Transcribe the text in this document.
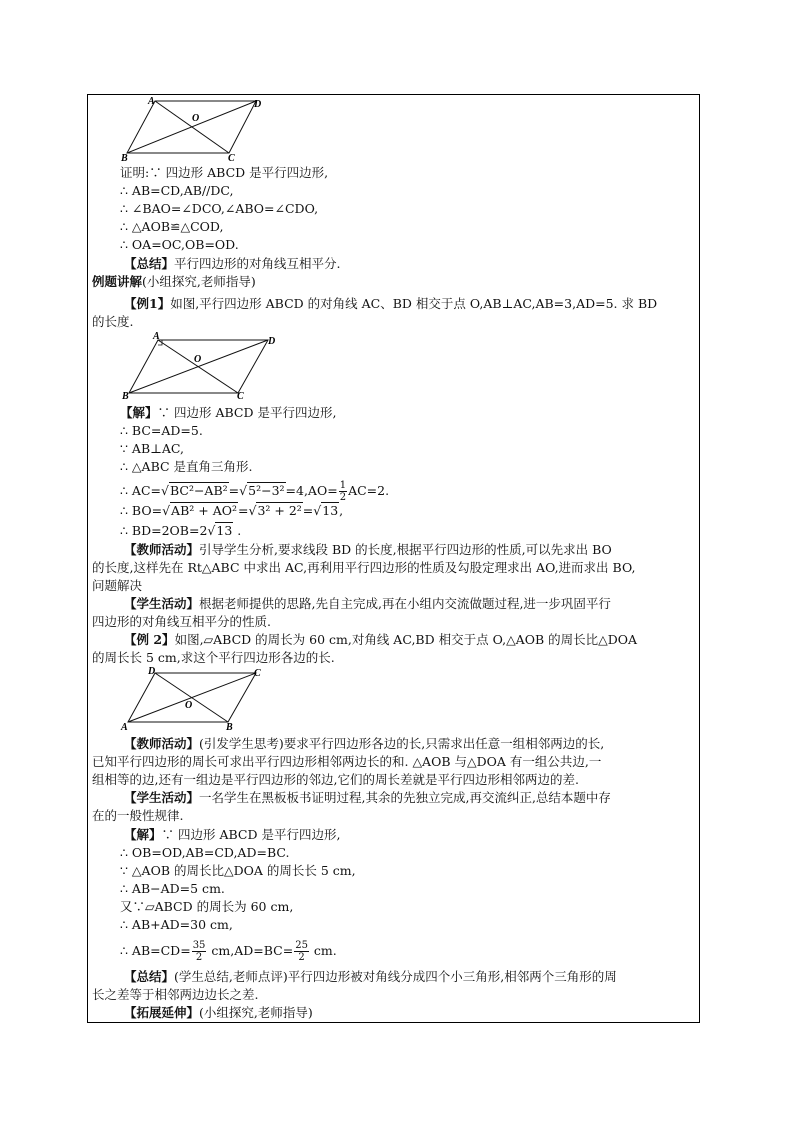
A	D
B	C
O
证明:∵ 四边形 ABCD 是平行四边形,
∴ AB=CD,AB//DC,
∴ ∠BAO=∠DCO,∠ABO=∠CDO,
∴ △AOB≌△COD,
∴ OA=OC,OB=OD.
【总结】平行四边形的对角线互相平分.
例题讲解(小组探究,老师指导)
【例1】如图,平行四边形 ABCD 的对角线 AC、BD 相交于点 O,AB⊥AC,AB=3,AD=5. 求 BD
的长度.
A	D
B	C
O
【解】∵ 四边形 ABCD 是平行四边形,
∴ BC=AD=5.
∵ AB⊥AC,
∴ △ABC 是直角三角形.
∴ $AC=√BC^2-AB^2=√5^2-3^2=4,AO= \frac{1}{2} AC=2$.
∴ BO=√AB² + AO²=√3² + 2²=√13,
∴ BD=2OB=2√13 .
【教师活动】引导学生分析,要求线段 BD 的长度,根据平行四边形的性质,可以先求出 BO
的长度,这样先在 Rt△ABC 中求出 AC,再利用平行四边形的性质及勾股定理求出 AO,进而求出 BO,
问题解决
【学生活动】根据老师提供的思路,先自主完成,再在小组内交流做题过程,进一步巩固平行
四边形的对角线互相平分的性质.
【例 2】如图,▱ABCD 的周长为 60 cm,对角线 AC,BD 相交于点 O,△AOB 的周长比△DOA
的周长长 5 cm,求这个平行四边形各边的长.
D	C
A	B
O
【教师活动】(引发学生思考)要求平行四边形各边的长,只需求出任意一组相邻两边的长,
已知平行四边形的周长可求出平行四边形相邻两边长的和. △AOB 与△DOA 有一组公共边,一
组相等的边,还有一组边是平行四边形的邻边,它们的周长差就是平行四边形相邻两边的差.
【学生活动】一名学生在黑板板书证明过程,其余的先独立完成,再交流纠正,总结本题中存
在的一般性规律.
【解】∵ 四边形 ABCD 是平行四边形,
∴ OB=OD,AB=CD,AD=BC.
∵ △AOB 的周长比△DOA 的周长长 5 cm,
∴ AB−AD=5 cm.
又∵▱ABCD 的周长为 60 cm,
∴ AB+AD=30 cm,
∴ $AB=CD= \frac{35}{2} cm,AD=BC= \frac{25}{2}$ cm.
【总结】(学生总结,老师点评)平行四边形被对角线分成四个小三角形,相邻两个三角形的周
长之差等于相邻两边边长之差.
【拓展延伸】(小组探究,老师指导)
